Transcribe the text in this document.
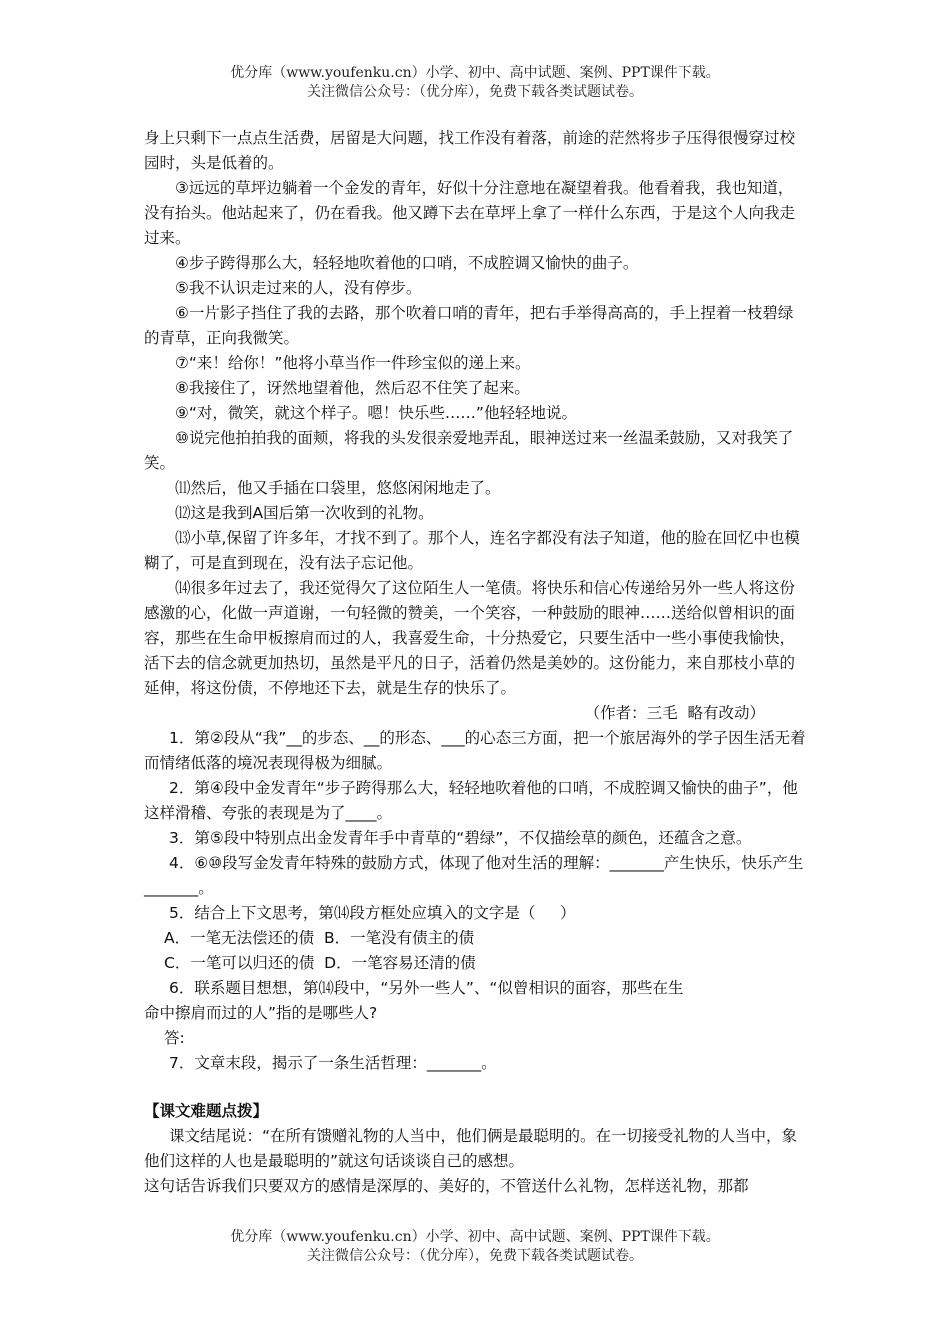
优分库（www.youfenku.cn）小学、初中、高中试题、案例、PPT课件下载。
关注微信公众号：（优分库），免费下载各类试题试卷。

身上只剩下一点点生活费，居留是大问题，找工作没有着落，前途的茫然将步子压得很慢穿过校园时，头是低着的。

③远远的草坪边躺着一个金发的青年，好似十分注意地在凝望着我。他看着我，我也知道，没有抬头。他站起来了，仍在看我。他又蹲下去在草坪上拿了一样什么东西，于是这个人向我走过来。

④步子跨得那么大，轻轻地吹着他的口哨，不成腔调又愉快的曲子。

⑤我不认识走过来的人，没有停步。

⑥一片影子挡住了我的去路，那个吹着口哨的青年，把右手举得高高的，手上捏着一枝碧绿的青草，正向我微笑。

⑦“来！给你！”他将小草当作一件珍宝似的递上来。

⑧我接住了，讶然地望着他，然后忍不住笑了起来。

⑨“对，微笑，就这个样子。嗯！快乐些……”他轻轻地说。

⑩说完他拍拍我的面颊，将我的头发很亲爱地弄乱，眼神送过来一丝温柔鼓励，又对我笑了笑。

⑾然后，他又手插在口袋里，悠悠闲闲地走了。

⑿这是我到A国后第一次收到的礼物。

⒀小草,保留了许多年，才找不到了。那个人，连名字都没有法子知道，他的脸在回忆中也模糊了，可是直到现在，没有法子忘记他。

⒁很多年过去了，我还觉得欠了这位陌生人一笔债。将快乐和信心传递给另外一些人将这份感激的心，化做一声道谢，一句轻微的赞美，一个笑容，一种鼓励的眼神……送给似曾相识的面容，那些在生命甲板擦肩而过的人，我喜爱生命，十分热爱它，只要生活中一些小事使我愉快，活下去的信念就更加热切，虽然是平凡的日子，活着仍然是美妙的。这份能力，来自那枝小草的延伸，将这份债，不停地还下去，就是生存的快乐了。

（作者：三毛  略有改动）

1．第②段从“我”__的步态、__的形态、___的心态三方面，把一个旅居海外的学子因生活无着而情绪低落的境况表现得极为细腻。

2．第④段中金发青年“步子跨得那么大，轻轻地吹着他的口哨，不成腔调又愉快的曲子”，他这样滑稽、夸张的表现是为了____。

3．第⑤段中特别点出金发青年手中青草的“碧绿”，不仅描绘草的颜色，还蕴含之意。

4．⑥⑩段写金发青年特殊的鼓励方式，体现了他对生活的理解：_______产生快乐，快乐产生_______。

5．结合上下文思考，第⒁段方框处应填入的文字是（     ）

A．一笔无法偿还的债  B．一笔没有债主的债

C．一笔可以归还的债  D．一笔容易还清的债

6．联系题目想想，第⒁段中，“另外一些人”、“似曾相识的面容，那些在生

命中擦肩而过的人”指的是哪些人?

答:

7．文章末段，揭示了一条生活哲理：_______。

【课文难题点拨】

课文结尾说：“在所有馈赠礼物的人当中，他们俩是最聪明的。在一切接受礼物的人当中，象他们这样的人也是最聪明的”就这句话谈谈自己的感想。

这句话告诉我们只要双方的感情是深厚的、美好的，不管送什么礼物，怎样送礼物，那都

优分库（www.youfenku.cn）小学、初中、高中试题、案例、PPT课件下载。
关注微信公众号：（优分库），免费下载各类试题试卷。
